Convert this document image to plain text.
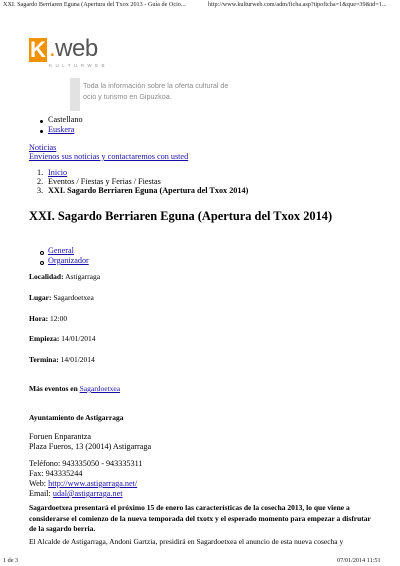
XXI. Sagardo Berriaren Eguna (Apertura del Txox 2013 - Guía de Ocio...	http://www.kulturweb.com/adm/ficha.asp?tipoficha=1&que=39&id=1...
K .web
KULTURWEB
Toda la información sobre la oferta cultural de ocio y turismo en Gipuzkoa.
Castellano
Euskera
Noticias
Envíenos sus noticias y contactaremos con usted
1. Inicio
2. Eventos / Fiestas y Ferias / Fiestas
3. XXI. Sagardo Berriaren Eguna (Apertura del Txox 2014)
XXI. Sagardo Berriaren Eguna (Apertura del Txox 2014)
General
Organizador
Localidad: Astigarraga
Lugar: Sagardoetxea
Hora: 12:00
Empieza: 14/01/2014
Termina: 14/01/2014
Más eventos en Sagardoetxea
Ayuntamiento de Astigarraga
Foruen Enparantza
Plaza Fueros, 13 (20014) Astigarraga
Teléfono: 943335050 - 943335311
Fax: 943335244
Web: http://www.astigarraga.net/
Email: udal@astigarraga.net
Sagardoetxea presentará el próximo 15 de enero las características de la cosecha 2013, lo que viene a considerarse el comienzo de la nueva temporada del txotx y el esperado momento para empezar a disfrutar de la sagardo berria.
El Alcalde de Astigarraga, Andoni Gartzia, presidirá en Sagardoetxea el anuncio de esta nueva cosecha y
1 de 3	07/01/2014 11:51
